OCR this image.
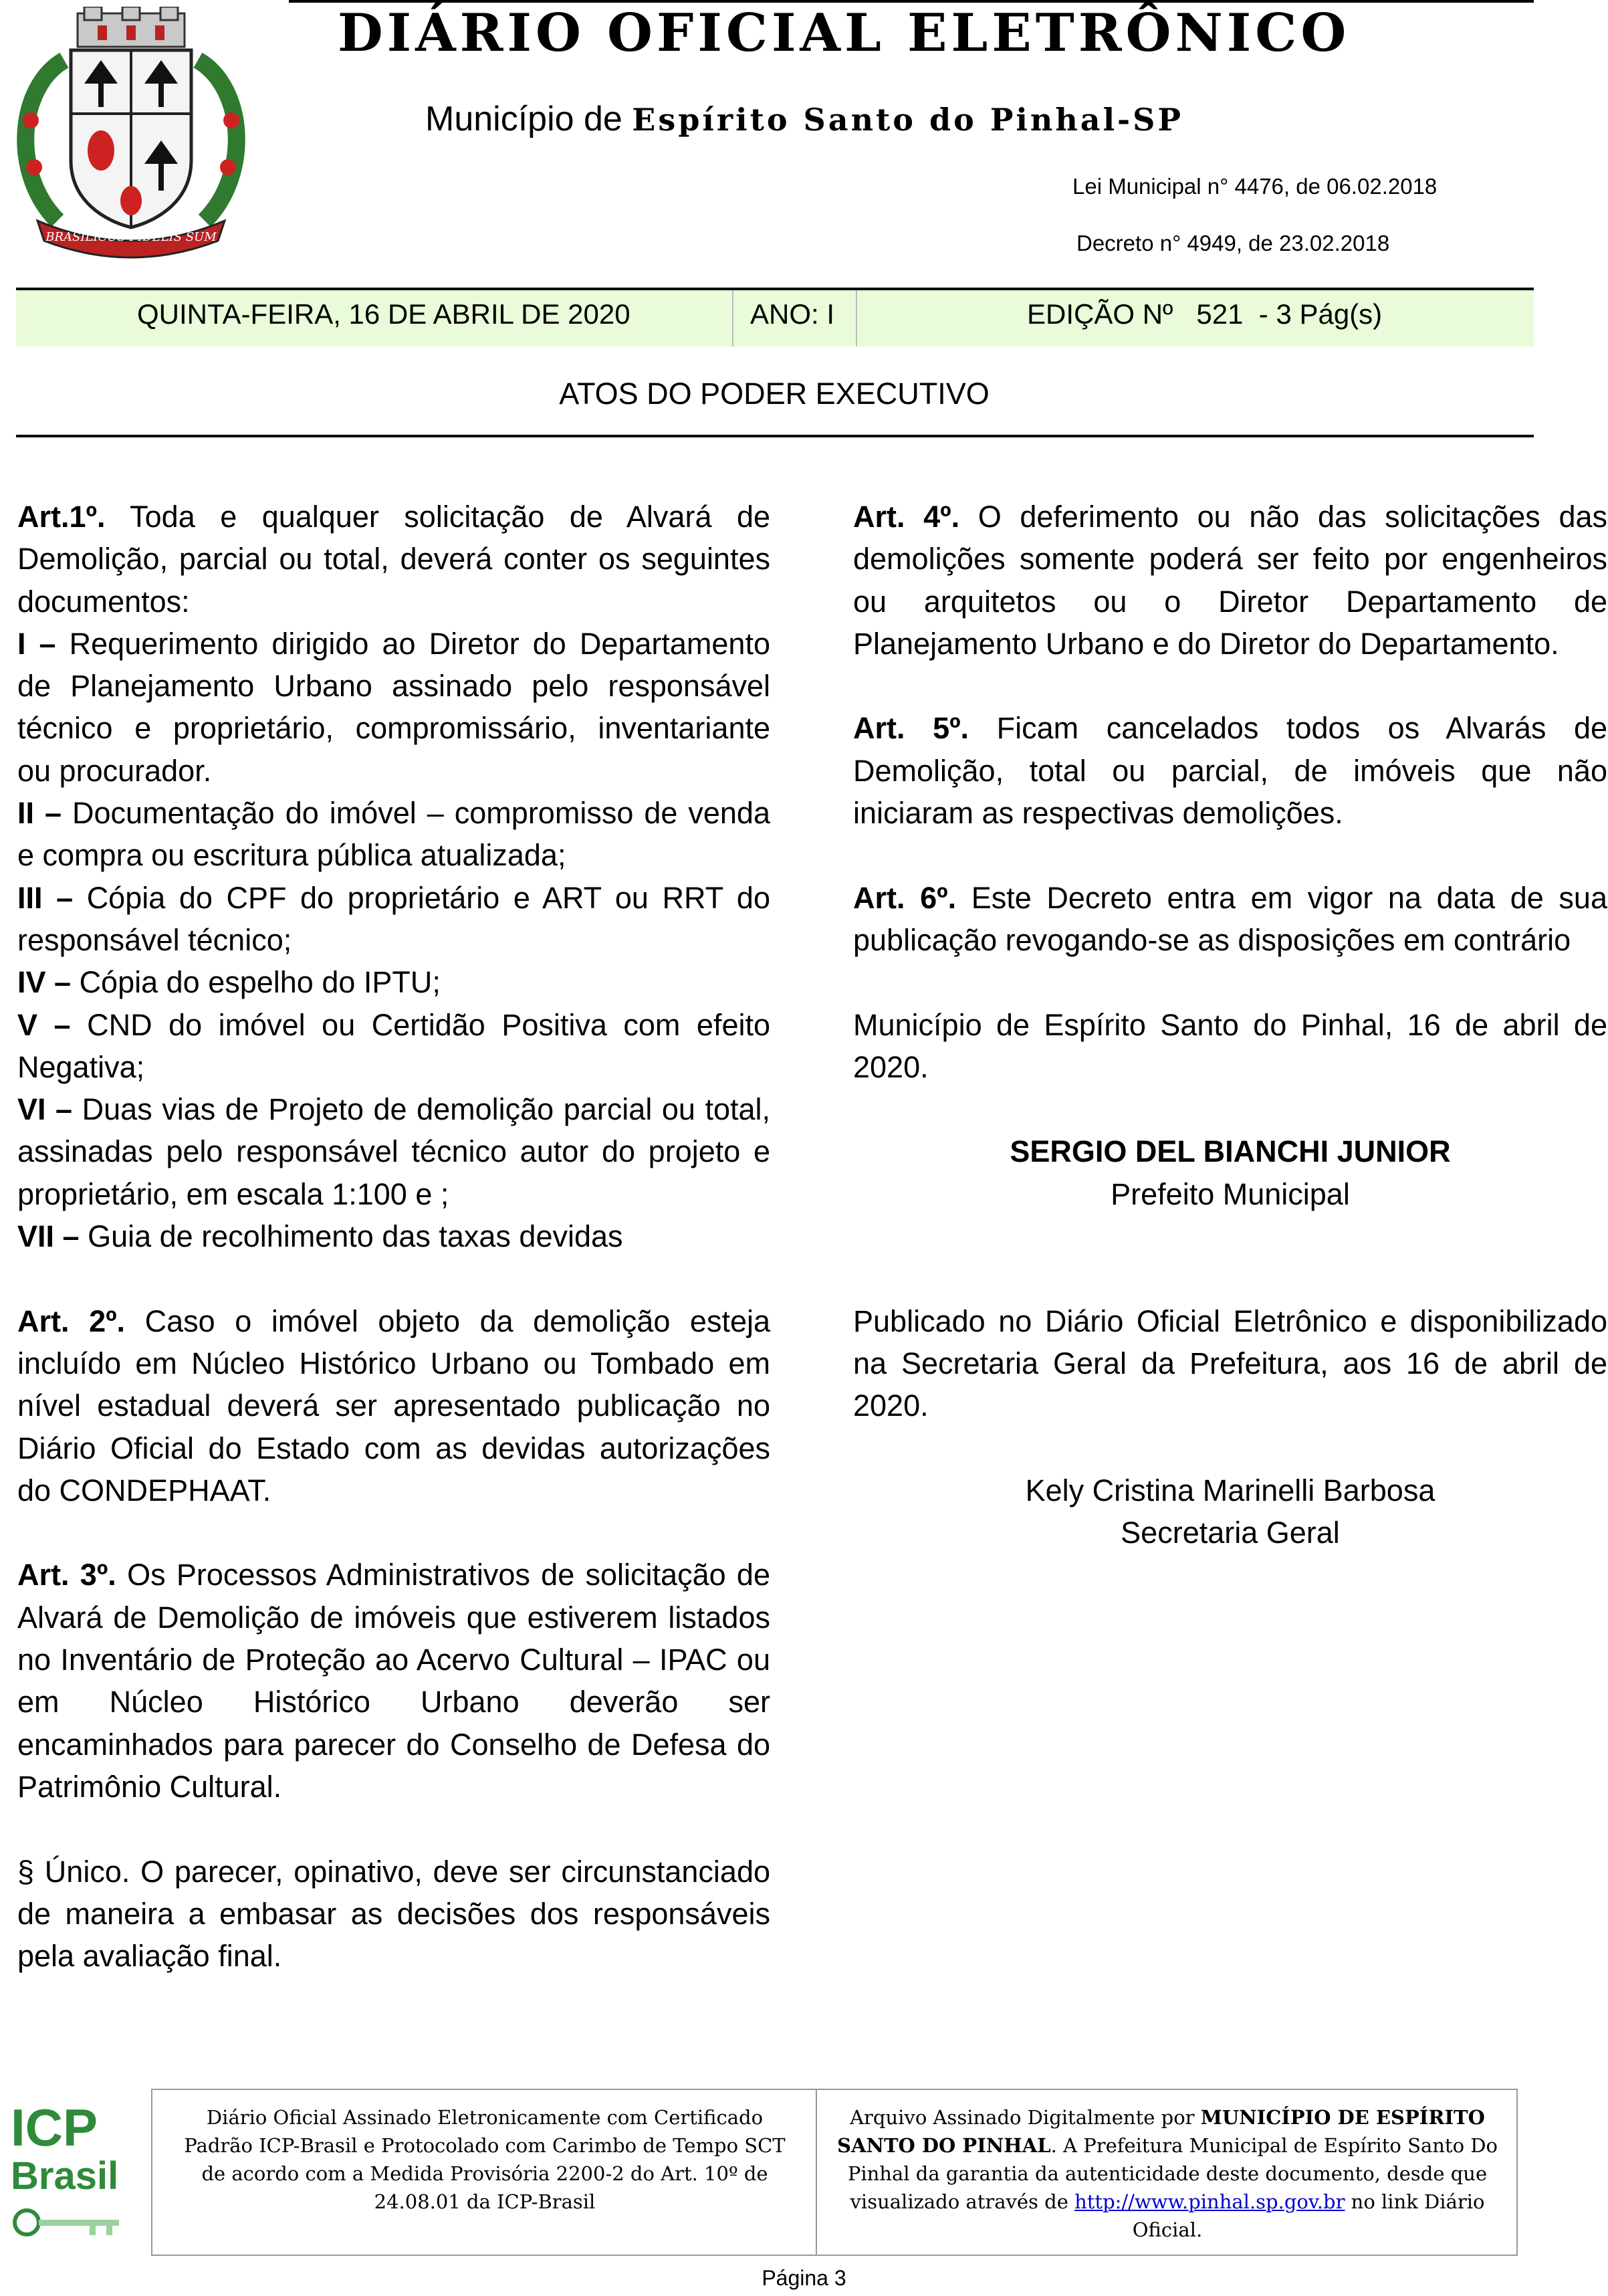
BRASILICUS FIDELIS SUM
DIÁRIO OFICIAL ELETRÔNICO
Município de Espírito Santo do Pinhal-SP
Lei Municipal n° 4476, de 06.02.2018
Decreto n° 4949, de 23.02.2018
QUINTA-FEIRA, 16 DE ABRIL DE 2020	ANO: I	EDIÇÃO Nº   521  - 3 Pág(s)
ATOS DO PODER EXECUTIVO
Art.1º. Toda e qualquer solicitação de Alvará de
Demolição, parcial ou total, deverá conter os seguintes
documentos:
I – Requerimento dirigido ao Diretor do Departamento
de Planejamento Urbano assinado pelo responsável
técnico e proprietário, compromissário, inventariante
ou procurador.
II – Documentação do imóvel – compromisso de venda
e compra ou escritura pública atualizada;
III – Cópia do CPF do proprietário e ART ou RRT do
responsável técnico;
IV – Cópia do espelho do IPTU;
V – CND do imóvel ou Certidão Positiva com efeito
Negativa;
VI – Duas vias de Projeto de demolição parcial ou total,
assinadas pelo responsável técnico autor do projeto e
proprietário, em escala 1:100 e ;
VII – Guia de recolhimento das taxas devidas

Art. 2º. Caso o imóvel objeto da demolição esteja
incluído em Núcleo Histórico Urbano ou Tombado em
nível estadual deverá ser apresentado publicação no
Diário Oficial do Estado com as devidas autorizações
do CONDEPHAAT.

Art. 3º. Os Processos Administrativos de solicitação de
Alvará de Demolição de imóveis que estiverem listados
no Inventário de Proteção ao Acervo Cultural – IPAC ou
em Núcleo Histórico Urbano deverão ser
encaminhados para parecer do Conselho de Defesa do
Patrimônio Cultural.

§ Único. O parecer, opinativo, deve ser circunstanciado
de maneira a embasar as decisões dos responsáveis
pela avaliação final.
Art. 4º. O deferimento ou não das solicitações das
demolições somente poderá ser feito por engenheiros
ou arquitetos ou o Diretor Departamento de
Planejamento Urbano e do Diretor do Departamento.

Art. 5º. Ficam cancelados todos os Alvarás de
Demolição, total ou parcial, de imóveis que não
iniciaram as respectivas demolições.

Art. 6º. Este Decreto entra em vigor na data de sua
publicação revogando-se as disposições em contrário

Município de Espírito Santo do Pinhal, 16 de abril de
2020.

SERGIO DEL BIANCHI JUNIOR
Prefeito Municipal

Publicado no Diário Oficial Eletrônico e disponibilizado
na Secretaria Geral da Prefeitura, aos 16 de abril de
2020.

Kely Cristina Marinelli Barbosa
Secretaria Geral
ICP
Brasil
Diário Oficial Assinado Eletronicamente com Certificado
Padrão ICP-Brasil e Protocolado com Carimbo de Tempo SCT
de acordo com a Medida Provisória 2200-2 do Art. 10º de
24.08.01 da ICP-Brasil
Arquivo Assinado Digitalmente por MUNICÍPIO DE ESPÍRITO
SANTO DO PINHAL. A Prefeitura Municipal de Espírito Santo Do
Pinhal da garantia da autenticidade deste documento, desde que
visualizado através de http://www.pinhal.sp.gov.br no link Diário
Oficial.
Página 3
